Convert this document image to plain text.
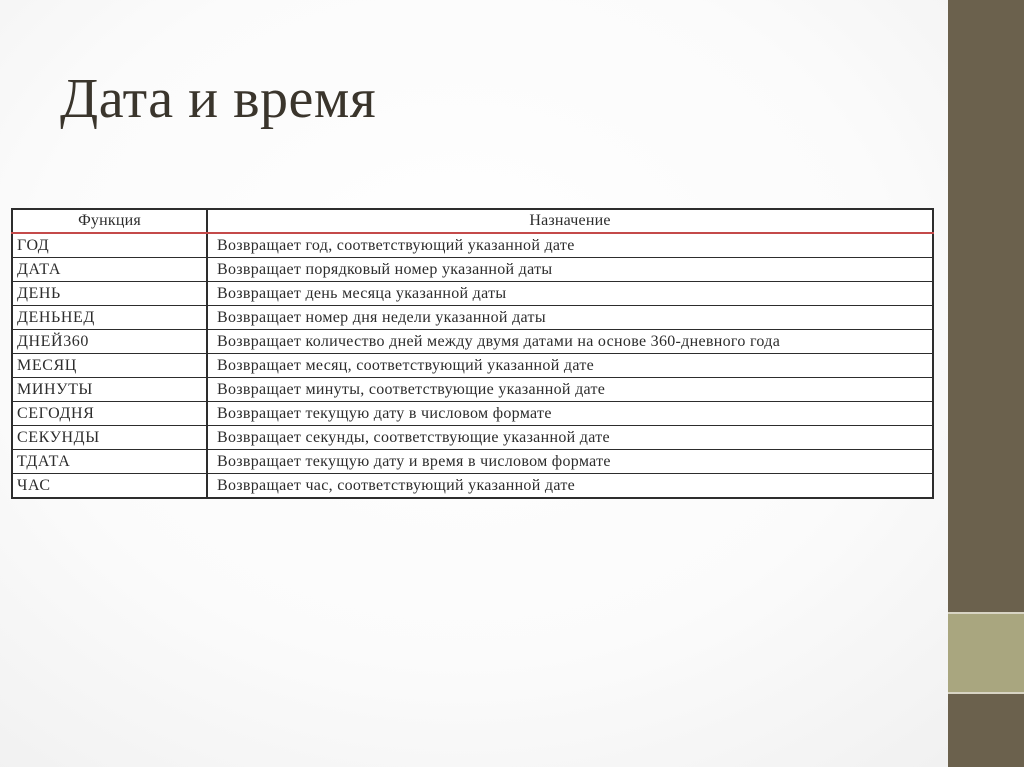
Дата и время
Функция	Назначение
ГОД	Возвращает год, соответствующий указанной дате
ДАТА	Возвращает порядковый номер указанной даты
ДЕНЬ	Возвращает день месяца указанной даты
ДЕНЬНЕД	Возвращает номер дня недели указанной даты
ДНЕЙ360	Возвращает количество дней между двумя датами на основе 360-дневного года
МЕСЯЦ	Возвращает месяц, соответствующий указанной дате
МИНУТЫ	Возвращает минуты, соответствующие указанной дате
СЕГОДНЯ	Возвращает текущую дату в числовом формате
СЕКУНДЫ	Возвращает секунды, соответствующие указанной дате
ТДАТА	Возвращает текущую дату и время в числовом формате
ЧАС	Возвращает час, соответствующий указанной дате
